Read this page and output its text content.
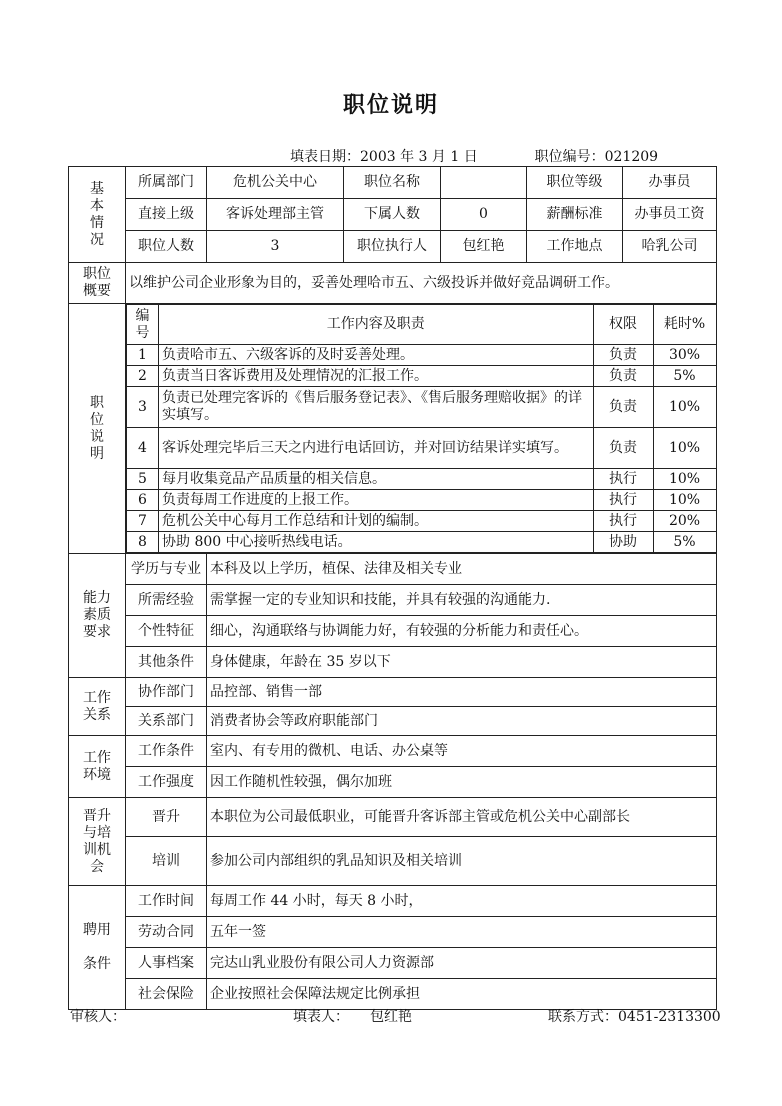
职位说明
填表日期：2003 年 3 月 1 日	职位编号：021209
基
本
情
况	所属部门	危机公关中心	职位名称		职位等级	办事员
直接上级	客诉处理部主管	下属人数	0	薪酬标准	办事员工资
职位人数	3	职位执行人	包红艳	工作地点	哈乳公司
职位
概要	以维护公司企业形象为目的，妥善处理哈市五、六级投诉并做好竞品调研工作。
职
位
说
明	
编
号	工作内容及职责	权限	耗时%
1	负责哈市五、六级客诉的及时妥善处理。	负责	30%
2	负责当日客诉费用及处理情况的汇报工作。	负责	5%
3	负责已处理完客诉的《售后服务登记表》、《售后服务理赔收据》的详实填写。	负责	10%
4	客诉处理完毕后三天之内进行电话回访，并对回访结果详实填写。	负责	10%
5	每月收集竞品产品质量的相关信息。	执行	10%
6	负责每周工作进度的上报工作。	执行	10%
7	危机公关中心每月工作总结和计划的编制。	执行	20%
8	协助 800 中心接听热线电话。	协助	5%

能力
素质
要求	学历与专业	本科及以上学历，植保、法律及相关专业
所需经验	需掌握一定的专业知识和技能，并具有较强的沟通能力.
个性特征	细心，沟通联络与协调能力好，有较强的分析能力和责任心。
其他条件	身体健康，年龄在 35 岁以下
工作
关系	协作部门	品控部、销售一部
关系部门	消费者协会等政府职能部门
工作
环境	工作条件	室内、有专用的微机、电话、办公桌等
工作强度	因工作随机性较强，偶尔加班
晋升
与培
训机
会	晋升	本职位为公司最低职业，可能晋升客诉部主管或危机公关中心副部长
培训	参加公司内部组织的乳品知识及相关培训
聘用

条件	工作时间	每周工作 44 小时，每天 8 小时，
劳动合同	五年一签
人事档案	完达山乳业股份有限公司人力资源部
社会保险	企业按照社会保障法规定比例承担
审核人：	填表人： 包红艳	联系方式：0451-2313300
